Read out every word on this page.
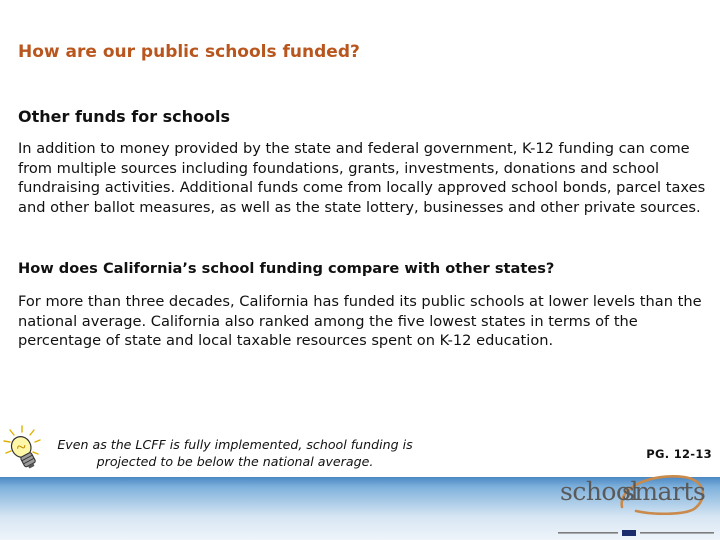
How are our public schools funded?
Other funds for schools

In addition to money provided by the state and federal government, K-12 funding can come from multiple sources including foundations, grants, investments, donations and school fundraising activities. Additional funds come from locally approved school bonds, parcel taxes and other ballot measures, as well as the state lottery, businesses and other private sources.

How does California’s school funding compare with other states?

For more than three decades, California has funded its public schools at lower levels than the national average. California also ranked among the five lowest states in terms of the percentage of state and local taxable resources spent on K-12 education.

Even as the LCFF is fully implemented, school funding is projected to be below the national average.	PG. 12-13
school
smarts
